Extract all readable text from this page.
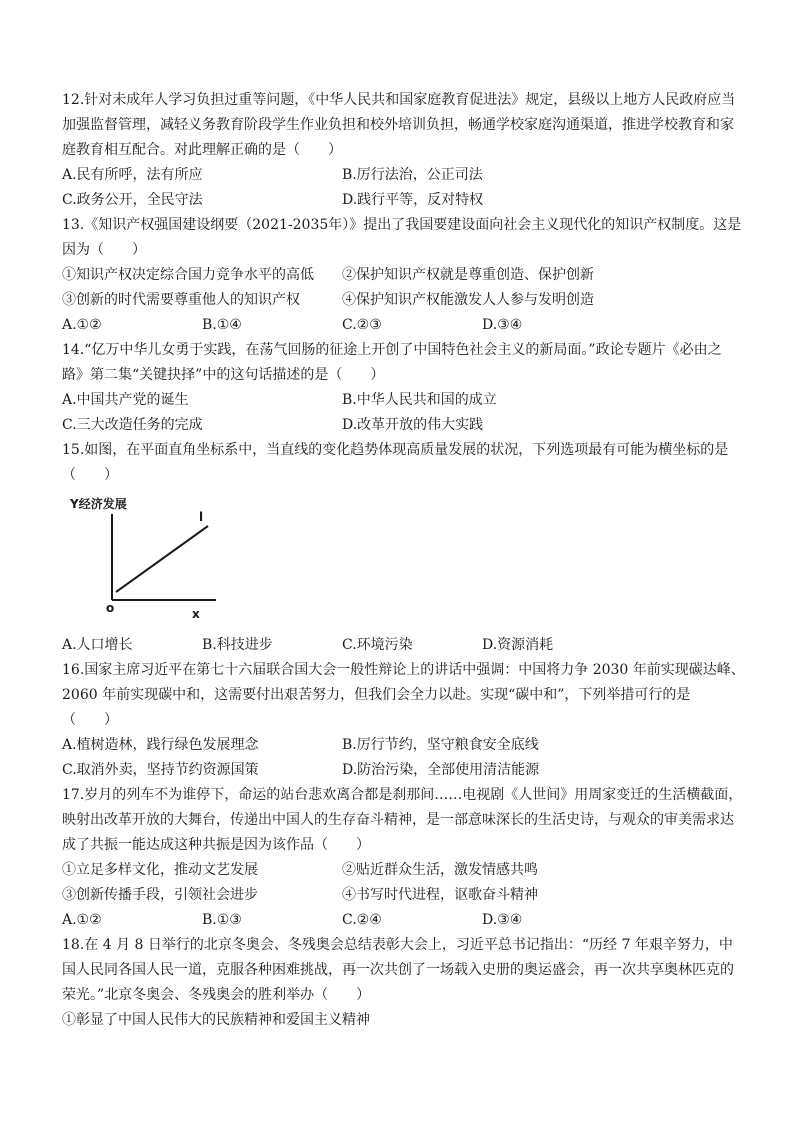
12.针对未成年人学习负担过重等问题，《中华人民共和国家庭教育促进法》规定，县级以上地方人民政府应当
加强监督管理，减轻义务教育阶段学生作业负担和校外培训负担，畅通学校家庭沟通渠道，推进学校教育和家
庭教育相互配合。对此理解正确的是（　　）
A.民有所呼，法有所应	B.厉行法治，公正司法
C.政务公开，全民守法	D.践行平等，反对特权
13.《知识产权强国建设纲要（2021-2035年）》提出了我国要建设面向社会主义现代化的知识产权制度。这是
因为（　　）
①知识产权决定综合国力竞争水平的高低 ②保护知识产权就是尊重创造、保护创新
③创新的时代需要尊重他人的知识产权	④保护知识产权能激发人人参与发明创造
A.①②	B.①④	C.②③	D.③④
14.“亿万中华儿女勇于实践，在荡气回肠的征途上开创了中国特色社会主义的新局面。”政论专题片《必由之
路》第二集“关键抉择”中的这句话描述的是（　　）
A.中国共产党的诞生	B.中华人民共和国的成立
C.三大改造任务的完成	D.改革开放的伟大实践
15.如图，在平面直角坐标系中，当直线的变化趋势体现高质量发展的状况，下列选项最有可能为横坐标的是
（　　）
Y经济发展
l
o	x
A.人口增长	B.科技进步	C.环境污染	D.资源消耗
16.国家主席习近平在第七十六届联合国大会一般性辩论上的讲话中强调：中国将力争 2030 年前实现碳达峰、
2060 年前实现碳中和，这需要付出艰苦努力，但我们会全力以赴。实现“碳中和”，下列举措可行的是
（　　）
A.植树造林，践行绿色发展理念	B.厉行节约，坚守粮食安全底线
C.取消外卖，坚持节约资源国策	D.防治污染，全部使用清洁能源
17.岁月的列车不为谁停下，命运的站台悲欢离合都是刹那间……电视剧《人世间》用周家变迁的生活横截面，
映射出改革开放的大舞台，传递出中国人的生存奋斗精神，是一部意味深长的生活史诗，与观众的审美需求达
成了共振一能达成这种共振是因为该作品（　　）
①立足多样文化，推动文艺发展	②贴近群众生活，激发情感共鸣
③创新传播手段，引领社会进步	④书写时代进程，讴歌奋斗精神
A.①②	B.①③	C.②④	D.③④
18.在 4 月 8 日举行的北京冬奥会、冬残奥会总结表彰大会上，习近平总书记指出：“历经 7 年艰辛努力，中
国人民同各国人民一道，克服各种困难挑战，再一次共创了一场载入史册的奥运盛会，再一次共享奥林匹克的
荣光。”北京冬奥会、冬残奥会的胜利举办（　　）
①彰显了中国人民伟大的民族精神和爱国主义精神
